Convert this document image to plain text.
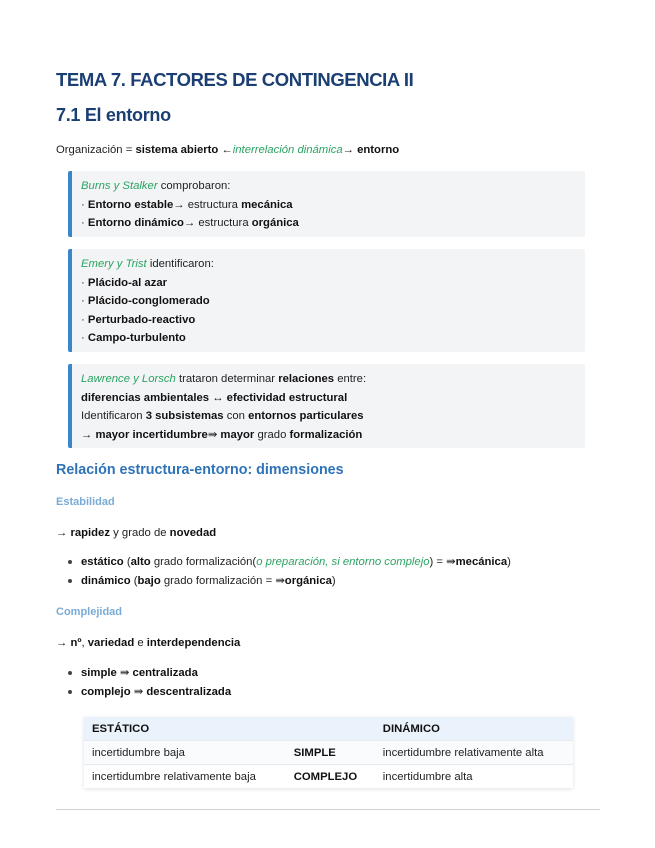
TEMA 7. FACTORES DE CONTINGENCIA II
7.1 El entorno
Organización = sistema abierto ←interrelación dinámica→ entorno
Burns y Stalker comprobaron:
· Entorno estable→ estructura mecánica
· Entorno dinámico→ estructura orgánica
Emery y Trist identificaron:
· Plácido-al azar
· Plácido-conglomerado
· Perturbado-reactivo
· Campo-turbulento
Lawrence y Lorsch trataron determinar relaciones entre:
diferencias ambientales ↔ efectividad estructural
Identificaron 3 subsistemas con entornos particulares
→ mayor incertidumbre⇛ mayor grado formalización
Relación estructura-entorno: dimensiones
Estabilidad
→ rapidez y grado de novedad
estático (alto grado formalización(o preparación, si entorno complejo) = ⇛mecánica)
dinámico (bajo grado formalización = ⇛orgánica)
Complejidad
→ nº, variedad e interdependencia
simple ⇛ centralizada
complejo ⇛ descentralizada
ESTÁTICO		DINÁMICO
incertidumbre baja	SIMPLE	incertidumbre relativamente alta
incertidumbre relativamente baja	COMPLEJO	incertidumbre alta
